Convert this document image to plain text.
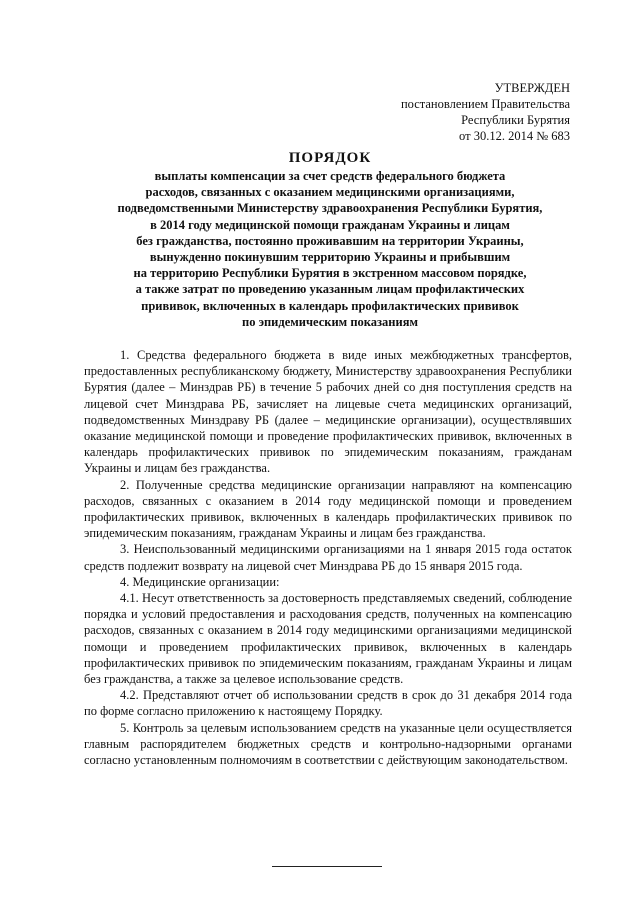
УТВЕРЖДЕН
постановлением Правительства
Республики Бурятия
от 30.12. 2014 № 683
ПОРЯДОК
выплаты компенсации за счет средств федерального бюджета
расходов, связанных с оказанием медицинскими организациями,
подведомственными Министерству здравоохранения Республики Бурятия,
в 2014 году медицинской помощи гражданам Украины и лицам
без гражданства, постоянно проживавшим на территории Украины,
вынужденно покинувшим территорию Украины и прибывшим
на территорию Республики Бурятия в экстренном массовом порядке,
а также затрат по проведению указанным лицам профилактических
прививок, включенных в календарь профилактических прививок
по эпидемическим показаниям

1. Средства федерального бюджета в виде иных межбюджетных трансфертов, предоставленных республиканскому бюджету, Министерству здравоохранения Республики Бурятия (далее – Минздрав РБ) в течение 5 рабочих дней со дня поступления средств на лицевой счет Минздрава РБ, зачисляет на лицевые счета медицинских организаций, подведомственных Минздраву РБ (далее – медицинские организации), осуществлявших оказание медицинской помощи и проведение профилактических прививок, включенных в календарь профилактических прививок по эпидемическим показаниям, гражданам Украины и лицам без гражданства.

2. Полученные средства медицинские организации направляют на компенсацию расходов, связанных с оказанием в 2014 году медицинской помощи и проведением профилактических прививок, включенных в календарь профилактических прививок по эпидемическим показаниям, гражданам Украины и лицам без гражданства.

3. Неиспользованный медицинскими организациями на 1 января 2015 года остаток средств подлежит возврату на лицевой счет Минздрава РБ до 15 января 2015 года.

4. Медицинские организации:

4.1. Несут ответственность за достоверность представляемых сведений, соблюдение порядка и условий предоставления и расходования средств, полученных на компенсацию расходов, связанных с оказанием в 2014 году медицинскими организациями медицинской помощи и проведением профилактических прививок, включенных в календарь профилактических прививок по эпидемическим показаниям, гражданам Украины и лицам без гражданства, а также за целевое использование средств.

4.2. Представляют отчет об использовании средств в срок до 31 декабря 2014 года по форме согласно приложению к настоящему Порядку.

5. Контроль за целевым использованием средств на указанные цели осуществляется главным распорядителем бюджетных средств и контрольно-надзорными органами согласно установленным полномочиям в соответствии с действующим законодательством.
